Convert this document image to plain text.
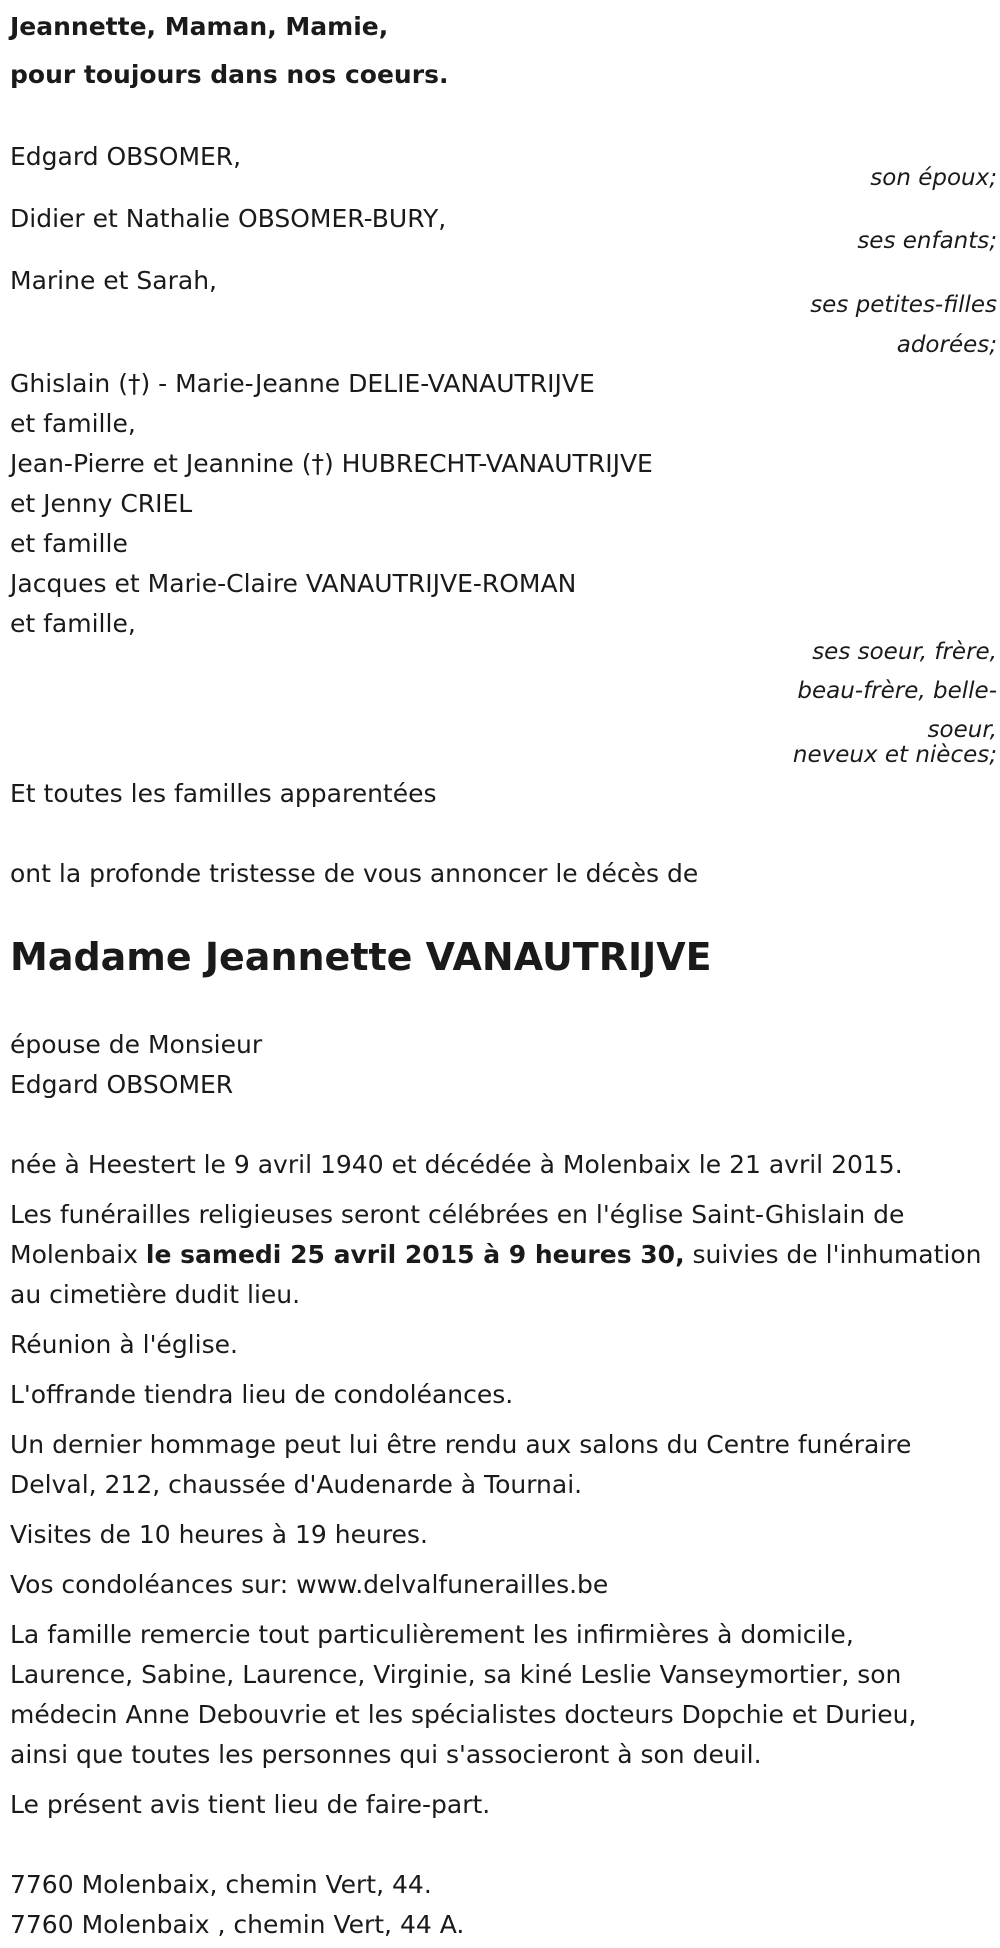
Jeannette, Maman, Mamie,

pour toujours dans nos coeurs.

Edgard OBSOMER,

son époux;

Didier et Nathalie OBSOMER-BURY,

ses enfants;

Marine et Sarah,

ses petites-filles

adorées;

Ghislain (†) - Marie-Jeanne DELIE-VANAUTRIJVE

et famille,

Jean-Pierre et Jeannine (†) HUBRECHT-VANAUTRIJVE

et Jenny CRIEL

et famille

Jacques et Marie-Claire VANAUTRIJVE-ROMAN

et famille,

ses soeur, frère,

beau-frère, belle-

soeur,

neveux et nièces;

Et toutes les familles apparentées

ont la profonde tristesse de vous annoncer le décès de

Madame Jeannette VANAUTRIJVE

épouse de Monsieur

Edgard OBSOMER

née à Heestert le 9 avril 1940 et décédée à Molenbaix le 21 avril 2015.

Les funérailles religieuses seront célébrées en l'église Saint-Ghislain de

Molenbaix le samedi 25 avril 2015 à 9 heures 30, suivies de l'inhumation

au cimetière dudit lieu.

Réunion à l'église.

L'offrande tiendra lieu de condoléances.

Un dernier hommage peut lui être rendu aux salons du Centre funéraire

Delval, 212, chaussée d'Audenarde à Tournai.

Visites de 10 heures à 19 heures.

Vos condoléances sur: www.delvalfunerailles.be

La famille remercie tout particulièrement les infirmières à domicile,

Laurence, Sabine, Laurence, Virginie, sa kiné Leslie Vanseymortier, son

médecin Anne Debouvrie et les spécialistes docteurs Dopchie et Durieu,

ainsi que toutes les personnes qui s'associeront à son deuil.

Le présent avis tient lieu de faire-part.

7760 Molenbaix, chemin Vert, 44.

7760 Molenbaix , chemin Vert, 44 A.
